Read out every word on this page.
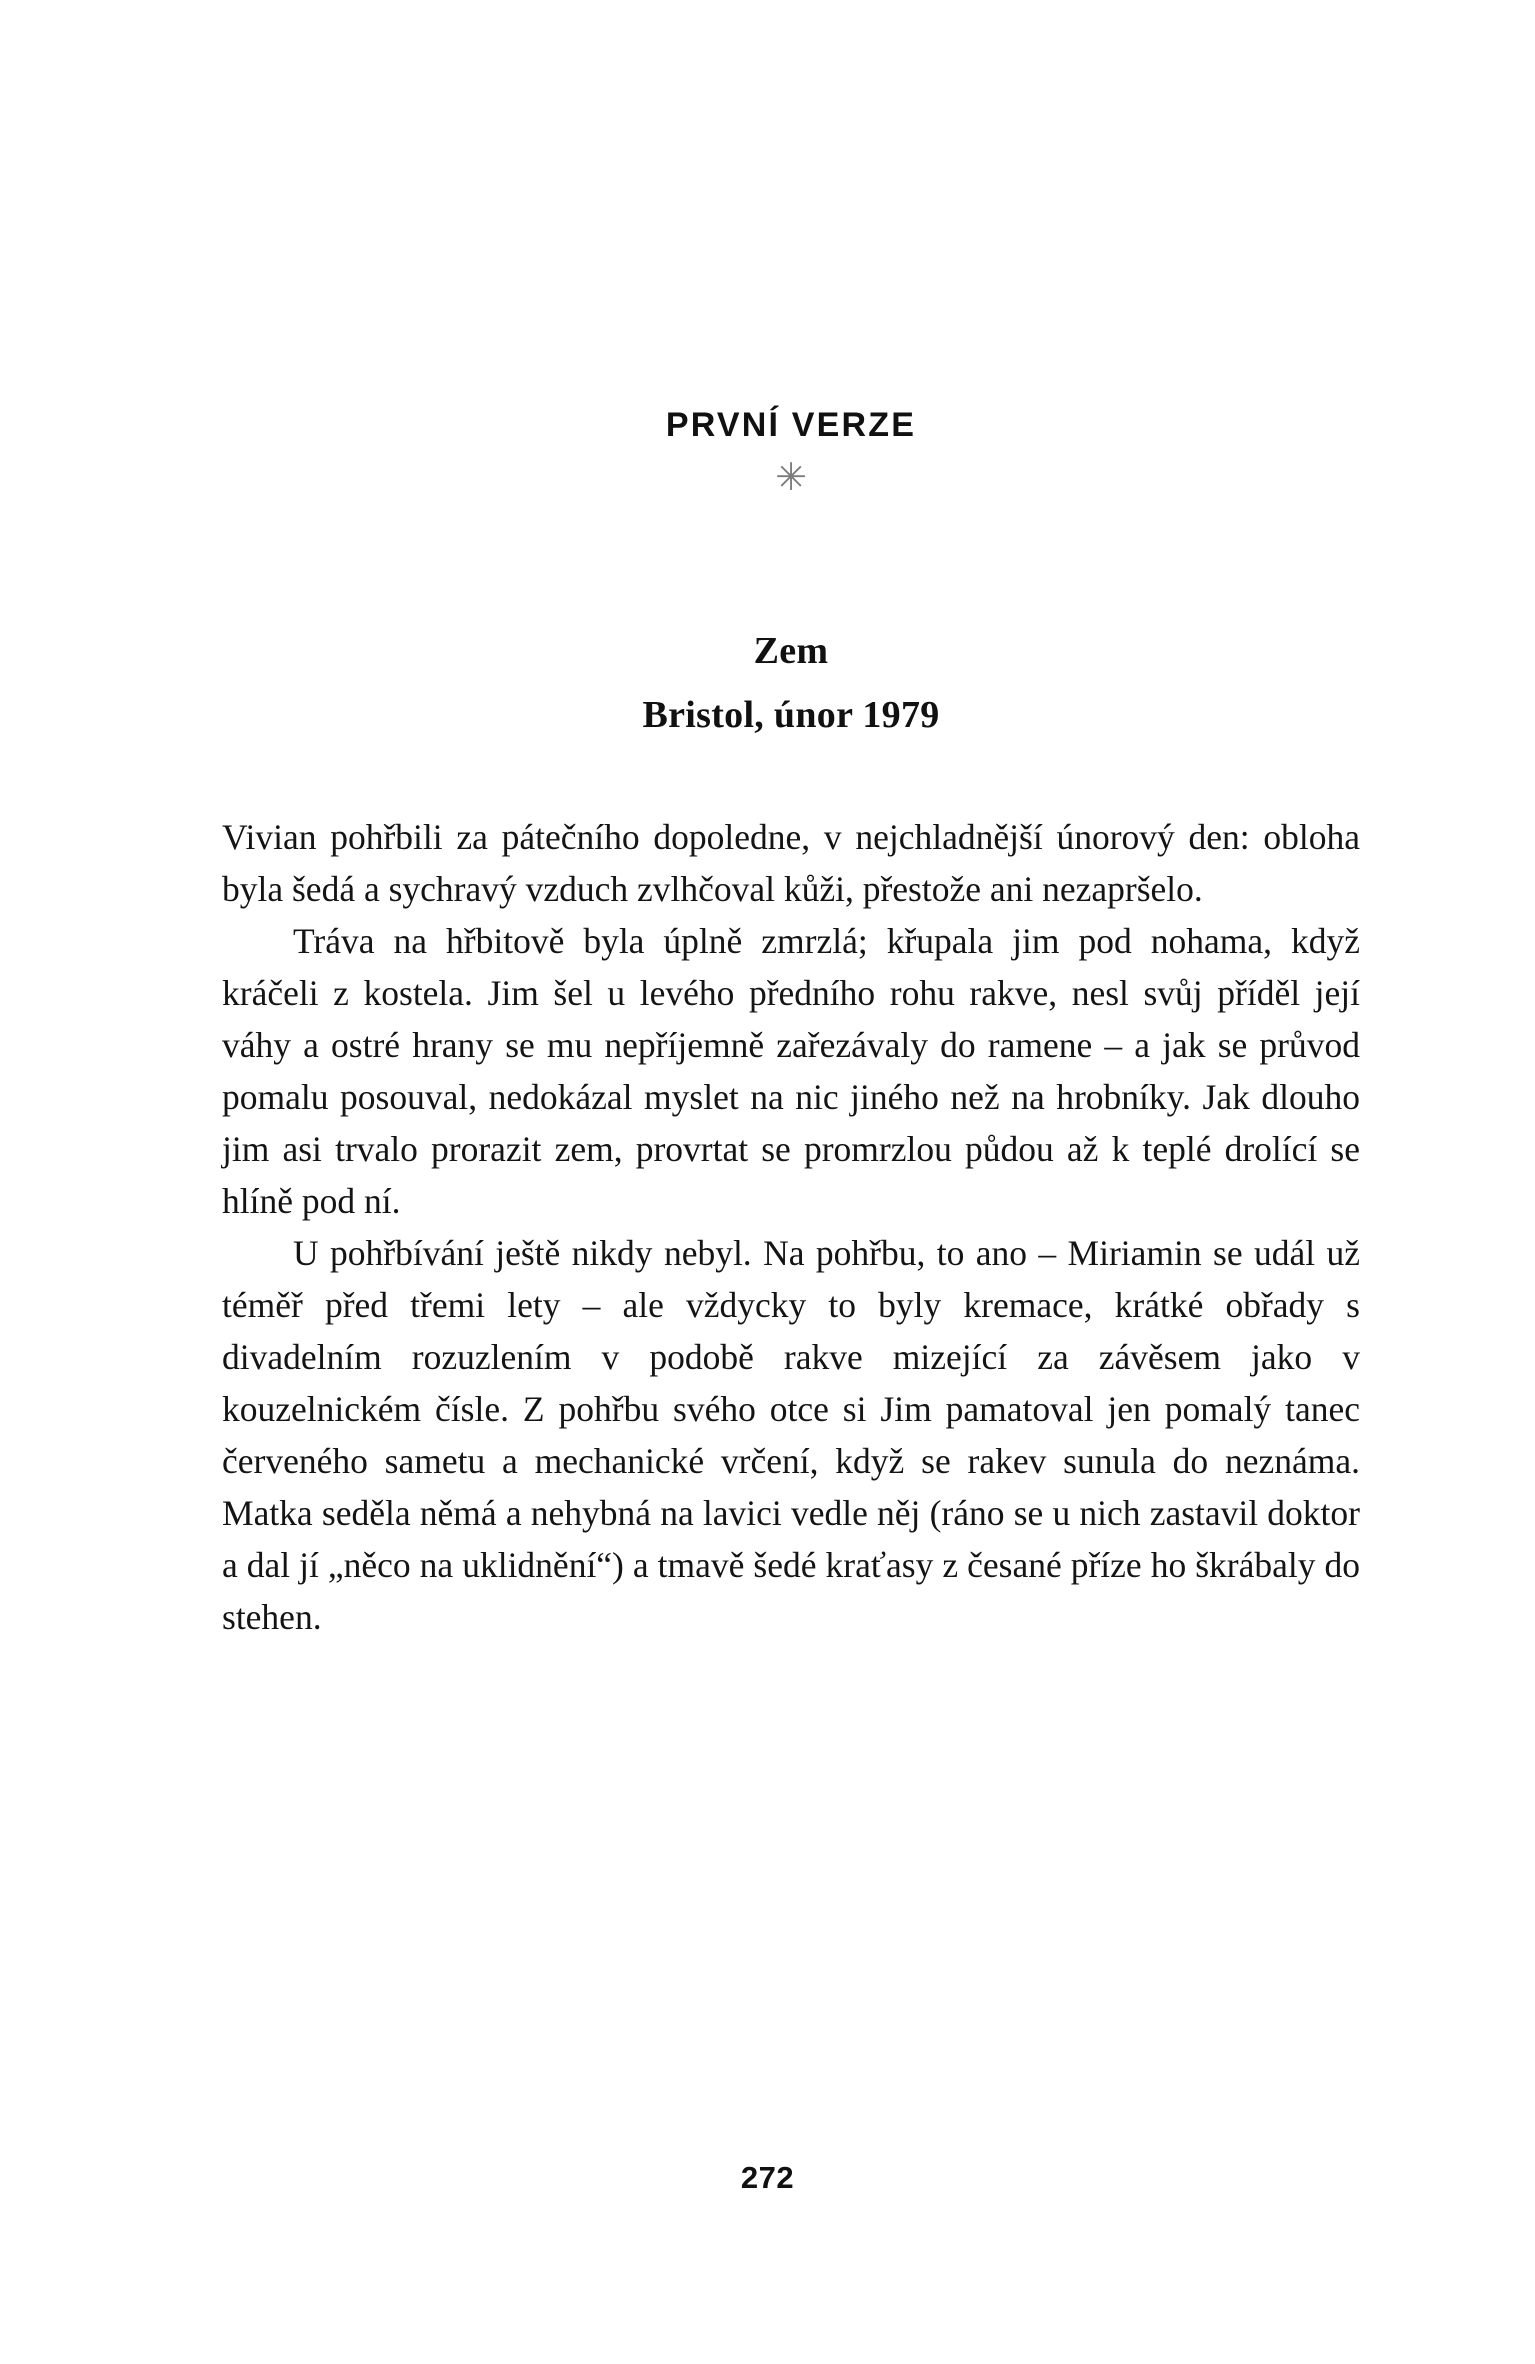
PRVNÍ VERZE
✳
Zem
Bristol, únor 1979

Vivian pohřbili za pátečního dopoledne, v nejchladnější únorový den: obloha byla šedá a sychravý vzduch zvlhčoval kůži, přestože ani nezapršelo.

Tráva na hřbitově byla úplně zmrzlá; křupala jim pod nohama, když kráčeli z kostela. Jim šel u levého předního rohu rakve, nesl svůj příděl její váhy a ostré hrany se mu nepříjemně zařezávaly do ramene – a jak se průvod pomalu posouval, nedokázal myslet na nic jiného než na hrobníky. Jak dlouho jim asi trvalo prorazit zem, provrtat se promrzlou půdou až k teplé drolící se hlíně pod ní.

U pohřbívání ještě nikdy nebyl. Na pohřbu, to ano – Miriamin se udál už téměř před třemi lety – ale vždycky to byly kremace, krátké obřady s divadelním rozuzlením v podobě rakve mizející za závěsem jako v kouzelnickém čísle. Z pohřbu svého otce si Jim pamatoval jen pomalý tanec červeného sametu a mechanické vrčení, když se rakev sunula do neznáma. Matka seděla němá a nehybná na lavici vedle něj (ráno se u nich zastavil doktor a dal jí „něco na uklidnění“) a tmavě šedé kraťasy z česané příze ho škrábaly do stehen.

272
